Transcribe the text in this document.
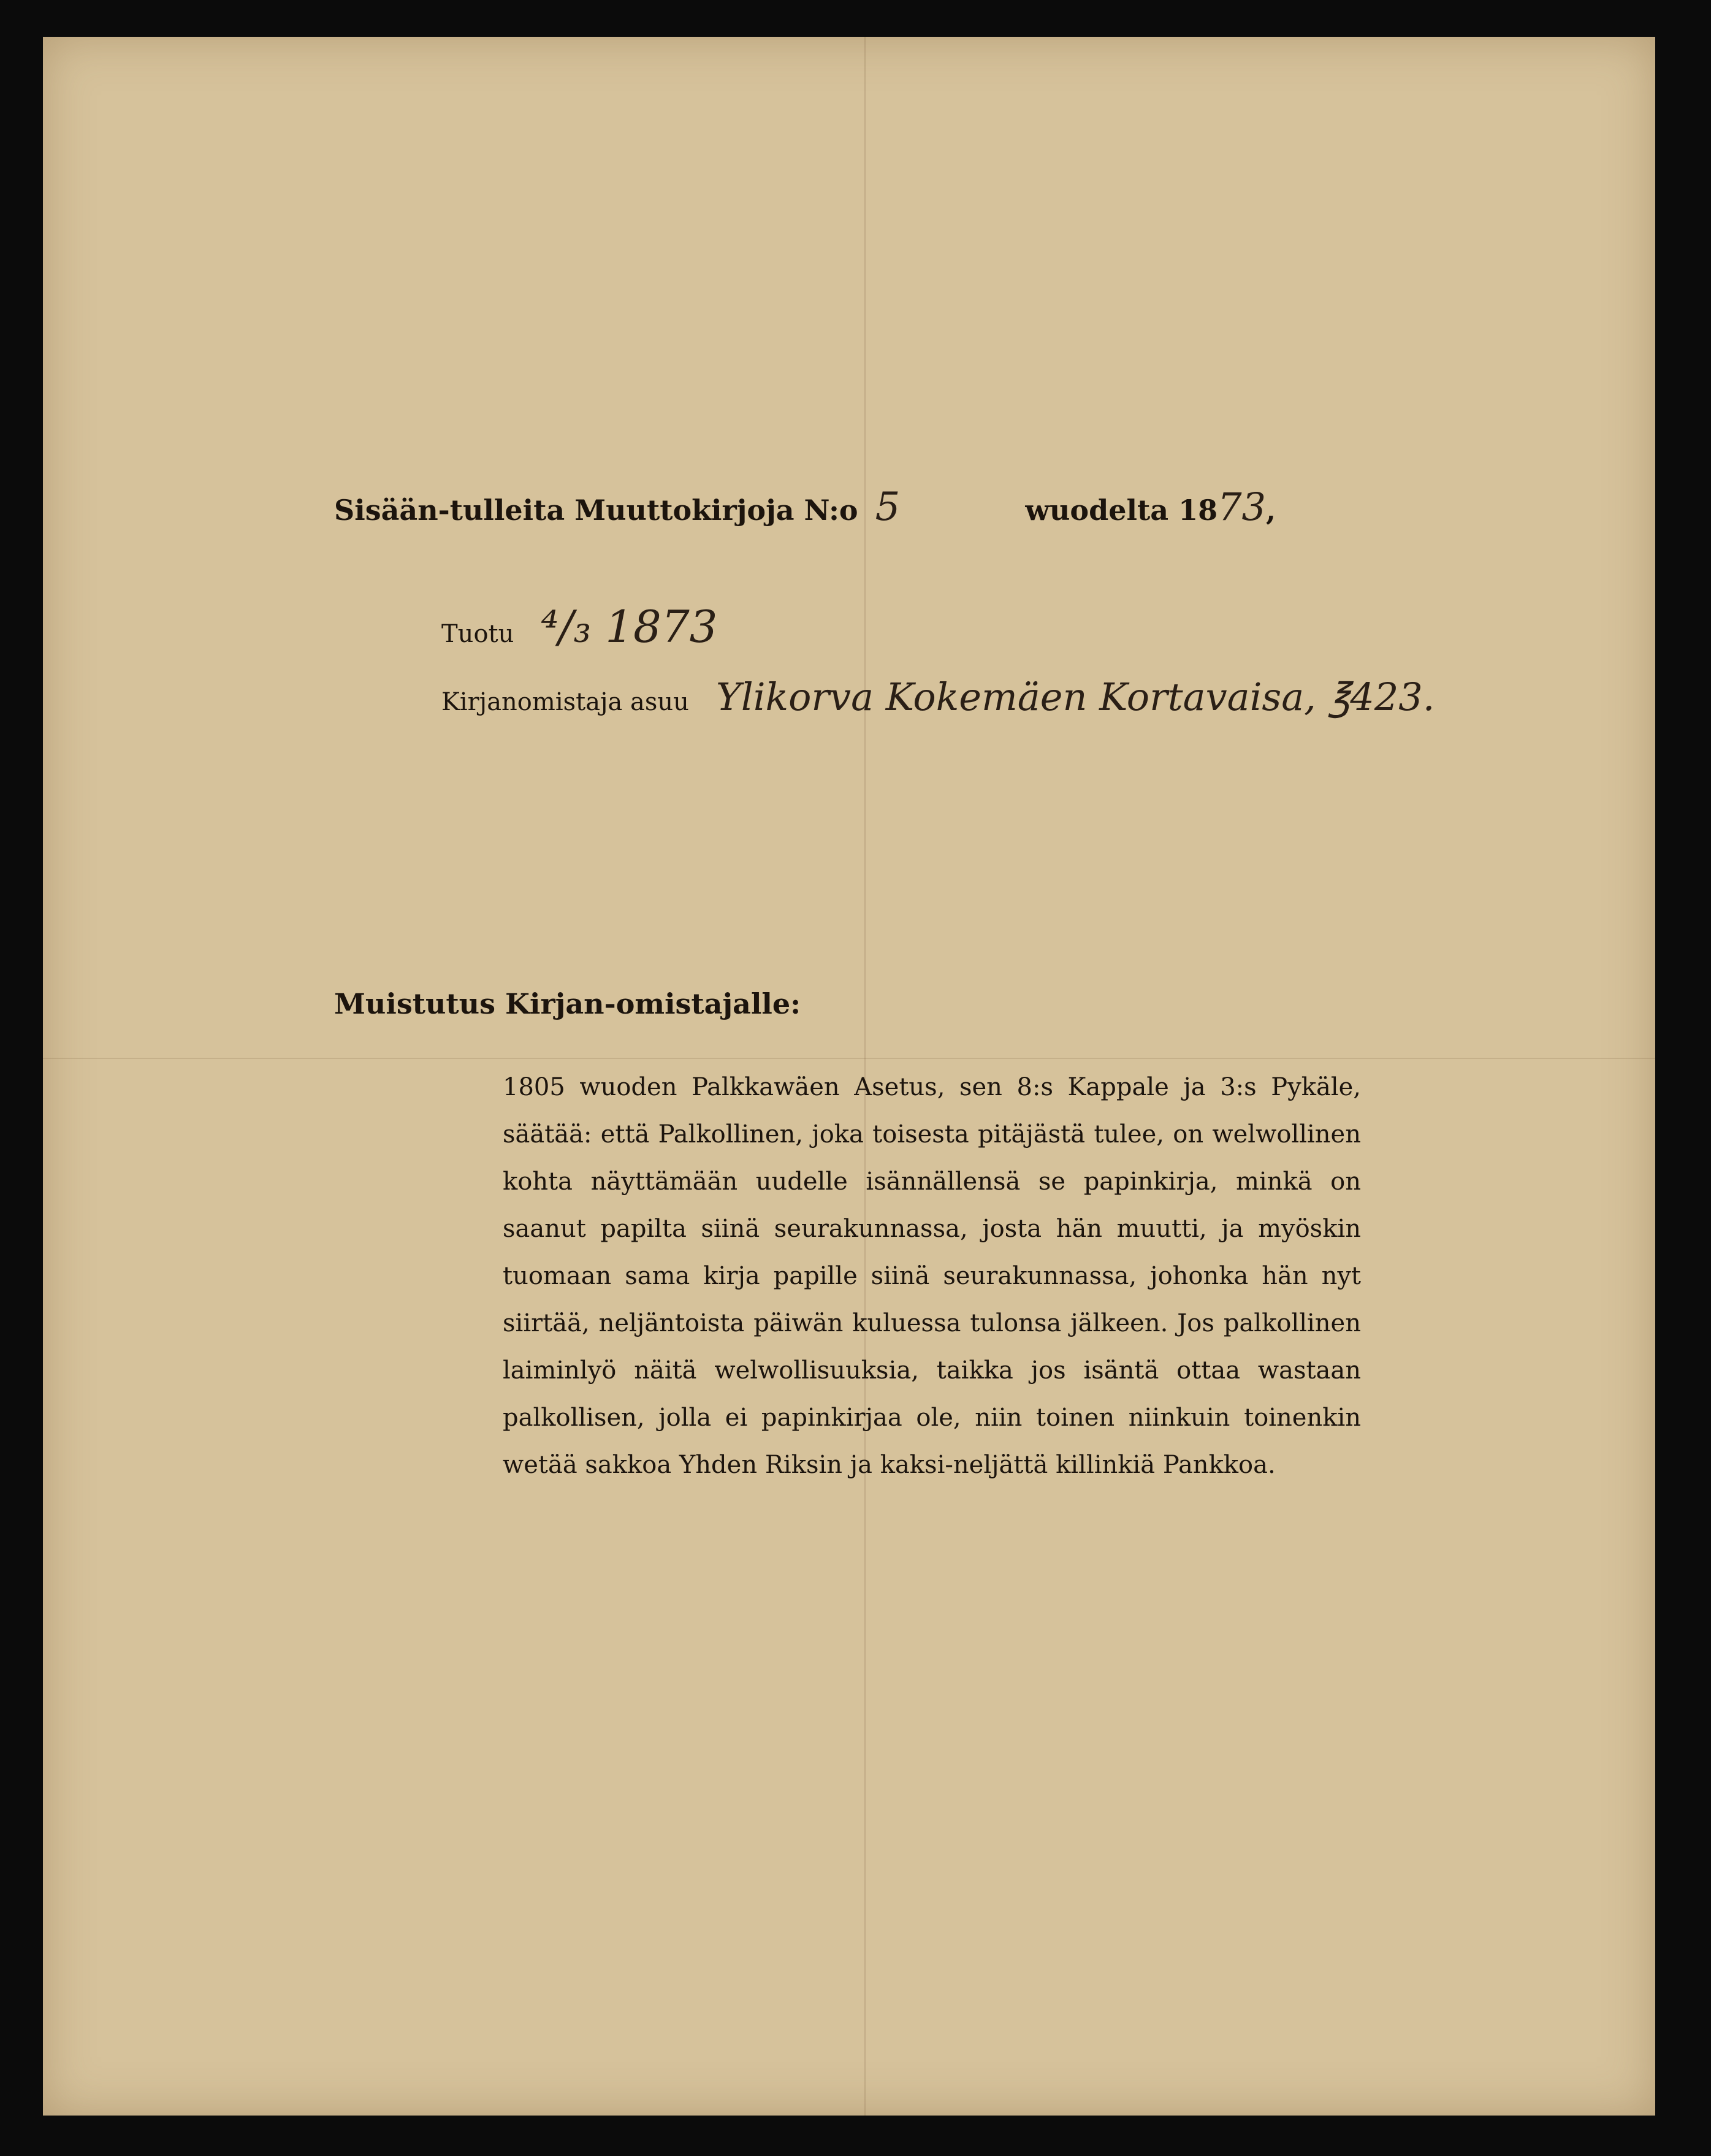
Sisään-tulleita Muuttokirjoja N:o 5	wuodelta 1873,
Tuotu ⁴/₃ 1873
Kirjanomistaja asuu Ylikorva Kokemäen Kortavaisa, ℥423.
Muistutus Kirjan-omistajalle:
1805 wuoden Palkkawäen Asetus, sen 8:s Kappale ja 3:s Pykäle, säätää: että Palkollinen, joka toisesta pitäjästä tulee, on welwollinen kohta näyttämään uudelle isännällensä se papinkirja, minkä on saanut papilta siinä seurakunnassa, josta hän muutti, ja myöskin tuomaan sama kirja papille siinä seurakunnassa, johonka hän nyt siirtää, neljäntoista päiwän kuluessa tulonsa jälkeen. Jos palkollinen laiminlyö näitä welwollisuuksia, taikka jos isäntä ottaa wastaan palkollisen, jolla ei papinkirjaa ole, niin toinen niinkuin toinenkin wetää sakkoa Yhden Riksin ja kaksi-neljättä killinkiä Pankkoa.
